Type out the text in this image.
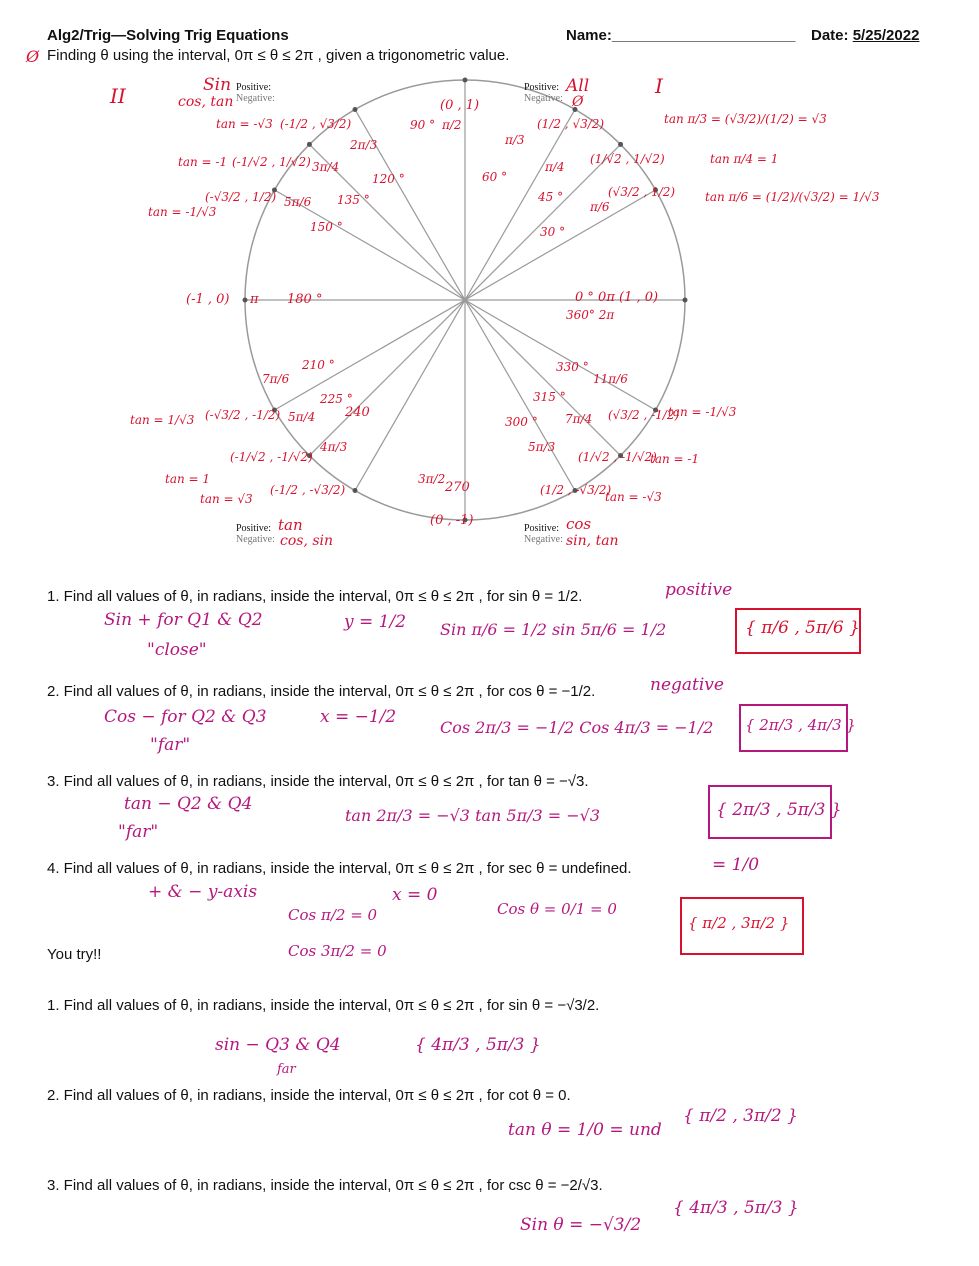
Alg2/Trig—Solving Trig Equations	Name:______________________ Date: 5/25/2022
Ø Finding θ using the interval, 0π ≤ θ ≤ 2π , given a trigonometric value.
Positive:
Negative:
Sin
cos, tan
II	Positive:
Negative:
All
Ø
I
Positive:
Negative:
tan
cos, sin
Positive:
Negative:
cos
sin, tan
0 ° 0π (1 , 0)
360° 2π
30 °
π/6
(√3/2 , 1/2) tan π/6 = (1/2)/(√3/2) = 1/√3
45 °
π/4
(1/√2 , 1/√2)	tan π/4 = 1
60 °
π/3
(1/2 , √3/2)	tan π/3 = (√3/2)/(1/2) = √3
90 ° π/2
(0 , 1)
120 °
2π/3
(-1/2 , √3/2)
tan = -√3
135 °
3π/4
(-1/√2 , 1/√2)
tan = -1
150 °
5π/6
(-√3/2 , 1/2)
tan = -1/√3
(-1 , 0) π 180 °
210 °
7π/6
(-√3/2 , -1/2)
tan = 1/√3
225 °
5π/4
(-1/√2 , -1/√2)
tan = 1
240
4π/3
(-1/2 , -√3/2)
tan = √3
3π/2
270
(0 , -1)
300 °
5π/3
(1/2 , -√3/2)
tan = -√3
315 °
7π/4
(1/√2 , -1/√2)
tan = -1
330 °
11π/6
(√3/2 , -1/2)
tan = -1/√3
1. Find all values of θ, in radians, inside the interval, 0π ≤ θ ≤ 2π , for sin θ = 1/2.	positive
Sin + for Q1 & Q2
"close"
y = 1/2 Sin π/6 = 1/2 sin 5π/6 = 1/2	{ π/6 , 5π/6 }
2. Find all values of θ, in radians, inside the interval, 0π ≤ θ ≤ 2π , for cos θ = −1/2.	negative
Cos − for Q2 & Q3
"far"
x = −1/2
Cos 2π/3 = −1/2 Cos 4π/3 = −1/2 { 2π/3 , 4π/3 }
3. Find all values of θ, in radians, inside the interval, 0π ≤ θ ≤ 2π , for tan θ = −√3.
tan − Q2 & Q4
"far"
tan 2π/3 = −√3 tan 5π/3 = −√3	{ 2π/3 , 5π/3 }
4. Find all values of θ, in radians, inside the interval, 0π ≤ θ ≤ 2π , for sec θ = undefined.	= 1/0
+ & − y-axis	x = 0
Cos θ = 0/1 = 0
Cos π/2 = 0
Cos 3π/2 = 0
{ π/2 , 3π/2 }
You try!!
1. Find all values of θ, in radians, inside the interval, 0π ≤ θ ≤ 2π , for sin θ = −√3/2.
sin − Q3 & Q4
far
{ 4π/3 , 5π/3 }
2. Find all values of θ, in radians, inside the interval, 0π ≤ θ ≤ 2π , for cot θ = 0.
tan θ = 1/0 = und
{ π/2 , 3π/2 }
3. Find all values of θ, in radians, inside the interval, 0π ≤ θ ≤ 2π , for csc θ = −2/√3.
Sin θ = −√3/2
{ 4π/3 , 5π/3 }
